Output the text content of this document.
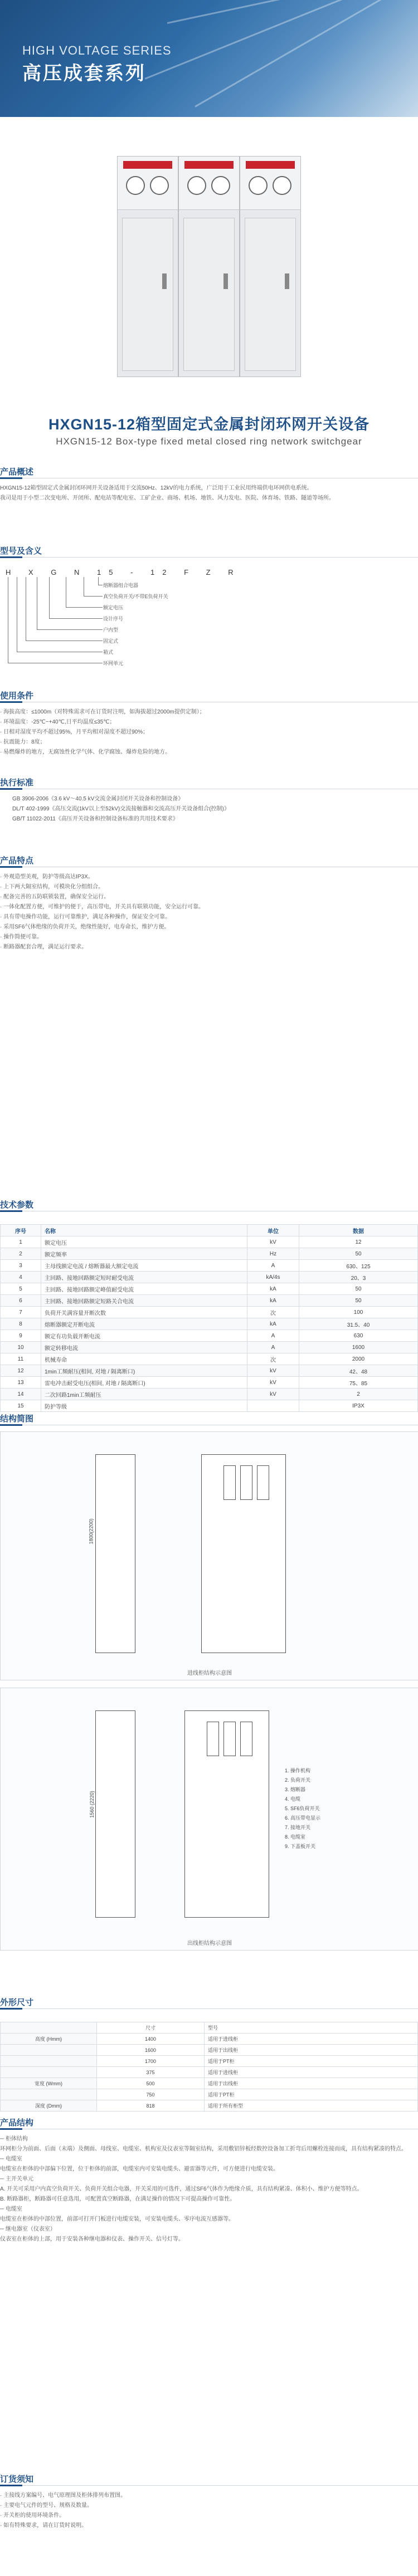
HIGH VOLTAGE SERIES
高压成套系列
HXGN15-12箱型固定式金属封闭环网开关设备
HXGN15-12 Box-type fixed metal closed ring network switchgear
产品概述

HXGN15-12箱型固定式金属封闭环网开关设备适用于交流50Hz、12kV的电力系统，广泛用于工业民用终端供电环网供电系统。

我司是用于小型二次变电所、开闭所、配电站等配电室、工矿企业、商场、机场、地铁、风力发电、医院、体育场、铁路、隧道等场所。

型号及含义
H X G N 15 - 12 F Z R
熔断器组合电器
真空负荷开关/不带E负荷开关
额定电压
设计序号
户内型
固定式
箱式
环网单元
使用条件
· 海拔高度：≤1000m（对特殊需求可在订货时注明，如海拔超过2000m提供定制）；
· 环境温度：-25℃~+40℃,日平均温度≤35℃；
· 日相对湿度平均不超过95%，月平均相对湿度不超过90%；
· 抗震能力：8度；
· 易燃爆炸的地方，无腐蚀性化学气体、化学腐蚀、爆炸危险的地方。
执行标准
GB 3906-2006《3.6 kV～40.5 kV交流金属封闭开关设备和控制设备》
DL/T 402-1999《高压交流(1kV以上至52kV)交流接触器和交流高压开关设备组合(控制)》
GB/T 11022-2011《高压开关设备和控制设备标准的共用技术要求》
产品特点
· 外观造型美观，防护等级高达IP3X。
· 上下两大隔室结构，可模块化分组组合。
· 配备完善的五防联锁装置，确保安全运行。
· 一体化配置方便，可维护的便于，高压带电，开关具有联锁功能，安全运行可靠。
· 具有带电操作功能，运行可靠维护，满足各种操作，保证安全可靠。
· 采用SF6气体绝缘的负荷开关，绝缘性能好，电寿命长，维护方便。
· 操作简便可靠。
· 断路器配套合理，满足运行要求。
技术参数
序号	名称	单位	数据
1	额定电压	kV	12
2	额定频率	Hz	50
3	主母线额定电流 / 熔断器最大额定电流	A	630、125
4	主回路、接地回路额定短时耐受电流	kA/4s	20、3
5	主回路、接地回路额定峰值耐受电流	kA	50
6	主回路、接地回路额定短路关合电流	kA	50
7	负荷开关满容量开断次数	次	100
8	熔断器额定开断电流	kA	31.5、40
9	额定有功负载开断电流	A	630
10	额定转移电流	A	1600
11	机械寿命	次	2000
12	1min工频耐压(相间, 对地 / 隔离断口)	kV	42、48
13	雷电冲击耐受电压(相间, 对地 / 隔离断口)	kV	75、85
14	二次回路1min工频耐压	kV	2
15	防护等级		IP3X
结构简图
1800(2200)
进线柜结构示意图
1560 (2220)
1. 操作机构
2. 负荷开关
3. 熔断器
4. 电缆
5. SF6负荷开关
6. 高压带电显示
7. 接地开关
8. 电缆室
9. 下盖板开关
出线柜结构示意图
外形尺寸
	尺寸	型号
高度 (Hmm)	1400	适用于进线柜
	1600	适用于出线柜
	1700	适用于PT柜
	375	适用于进线柜
宽度 (Wmm)	500	适用于出线柜
	750	适用于PT柜
深度 (Dmm)	818	适用于所有柜型
产品结构

─ 柜体结构

环网柜分为前面、后面（末端）及侧面、母线室、电缆室、机构室及仪表室等隔室结构，采用敷铝锌板经数控设备加工折弯后用螺栓连接而成，具有结构紧凑的特点。

─ 电缆室

电缆室在柜体的中部偏下位置，位于柜体的前部，电缆室内可安装电缆头、避雷器等元件，可方便进行电缆安装。

─ 主开关单元

A. 开关可采用户内真空负荷开关、负荷开关组合电器，开关采用的可选件，通过SF6气体作为绝缘介质，具有结构紧凑、体积小、维护方便等特点。

B. 断路器柜，断路器可任意选用，可配置真空断路器，在满足操作的情况下可提高操作可靠性。

─ 电缆室

电缆室在柜体的中部位置，前部可打开门板进行电缆安装，可安装电缆头、零序电流互感器等。

─ 继电器室（仪表室）

仪表室在柜体的上部，用于安装各种继电器和仪表、操作开关、信号灯等。

订货须知
· 主接线方案编号、电气原理图及柜体排列布置图。
· 主要电气元件的型号、规格及数量。
· 开关柜的使用环境条件。
· 如有特殊要求，请在订货时说明。
